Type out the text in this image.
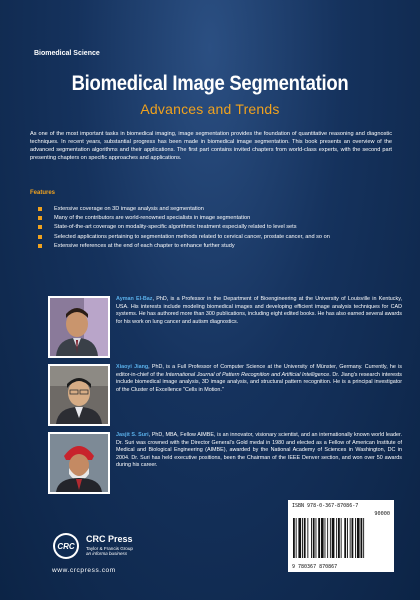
Biomedical Science
Biomedical Image Segmentation
Advances and Trends
As one of the most important tasks in biomedical imaging, image segmentation provides the foundation of quantitative reasoning and diagnostic techniques. In recent years, substantial progress has been made in biomedical image segmentation. This book presents an overview of the advanced segmentation algorithms and their applications. The first part contains invited chapters from world-class experts, with the second part presenting chapters on specific approaches and applications.
Features
Extensive coverage on 3D image analysis and segmentation
Many of the contributors are world-renowned specialists in image segmentation
State-of-the-art coverage on modality-specific algorithmic treatment especially related to level sets
Selected applications pertaining to segmentation methods related to cervical cancer, prostate cancer, and so on
Extensive references at the end of each chapter to enhance further study
Ayman El-Baz, PhD, is a Professor in the Department of Bioengineering at the University of Louisville in Kentucky, USA. His interests include modeling biomedical images and developing efficient image analysis techniques for CAD systems. He has authored more than 300 publications, including eight edited books. He has also earned several awards for his work on lung cancer and autism diagnostics.
Xiaoyi Jiang, PhD, is a Full Professor of Computer Science at the University of Münster, Germany. Currently, he is editor-in-chief of the International Journal of Pattern Recognition and Artificial Intelligence. Dr. Jiang's research interests include biomedical image analysis, 3D image analysis, and structural pattern recognition. He is a principal investigator of the Cluster of Excellence "Cells in Motion."
Jasjit S. Suri, PhD, MBA, Fellow AIMBE, is an innovator, visionary scientist, and an internationally known world leader. Dr. Suri was crowned with the Director General's Gold medal in 1980 and elected as a Fellow of American Institute of Medical and Biological Engineering (AIMBE), awarded by the National Academy of Sciences in Washington, DC in 2004. Dr. Suri has held executive positions, been the Chairman of the IEEE Denver section, and won over 50 awards during his career.
CRC
CRC Press
Taylor & Francis Group
an informa business
www.crcpress.com
ISBN 978-0-367-87086-7
90000
9 780367 870867
